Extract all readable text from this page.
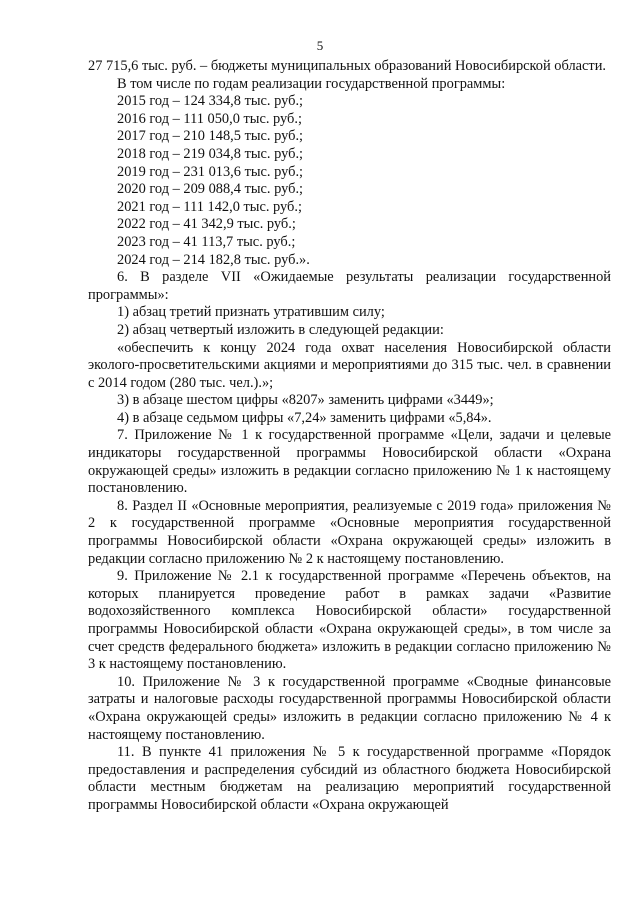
5

27 715,6 тыс. руб. – бюджеты муниципальных образований Новосибирской области.

В том числе по годам реализации государственной программы:

2015 год – 124 334,8 тыс. руб.;

2016 год – 111 050,0 тыс. руб.;

2017 год – 210 148,5 тыс. руб.;

2018 год – 219 034,8 тыс. руб.;

2019 год – 231 013,6 тыс. руб.;

2020 год – 209 088,4 тыс. руб.;

2021 год – 111 142,0 тыс. руб.;

2022 год – 41 342,9 тыс. руб.;

2023 год – 41 113,7 тыс. руб.;

2024 год – 214 182,8 тыс. руб.».

6. В разделе VII «Ожидаемые результаты реализации государственной программы»:

1) абзац третий признать утратившим силу;

2) абзац четвертый изложить в следующей редакции:

«обеспечить к концу 2024 года охват населения Новосибирской области эколого-просветительскими акциями и мероприятиями до 315 тыс. чел. в сравнении с 2014 годом (280 тыс. чел.).»;

3) в абзаце шестом цифры «8207» заменить цифрами «3449»;

4) в абзаце седьмом цифры «7,24» заменить цифрами «5,84».

7. Приложение № 1 к государственной программе «Цели, задачи и целевые индикаторы государственной программы Новосибирской области «Охрана окружающей среды» изложить в редакции согласно приложению № 1 к настоящему постановлению.

8. Раздел II «Основные мероприятия, реализуемые с 2019 года» приложения № 2 к государственной программе «Основные мероприятия государственной программы Новосибирской области «Охрана окружающей среды» изложить в редакции согласно приложению № 2 к настоящему постановлению.

9. Приложение № 2.1 к государственной программе «Перечень объектов, на которых планируется проведение работ в рамках задачи «Развитие водохозяйственного комплекса Новосибирской области» государственной программы Новосибирской области «Охрана окружающей среды», в том числе за счет средств федерального бюджета» изложить в редакции согласно приложению № 3 к настоящему постановлению.

10. Приложение № 3 к государственной программе «Сводные финансовые затраты и налоговые расходы государственной программы Новосибирской области «Охрана окружающей среды» изложить в редакции согласно приложению № 4 к настоящему постановлению.

11. В пункте 41 приложения № 5 к государственной программе «Порядок предоставления и распределения субсидий из областного бюджета Новосибирской области местным бюджетам на реализацию мероприятий государственной программы Новосибирской области «Охрана окружающей
